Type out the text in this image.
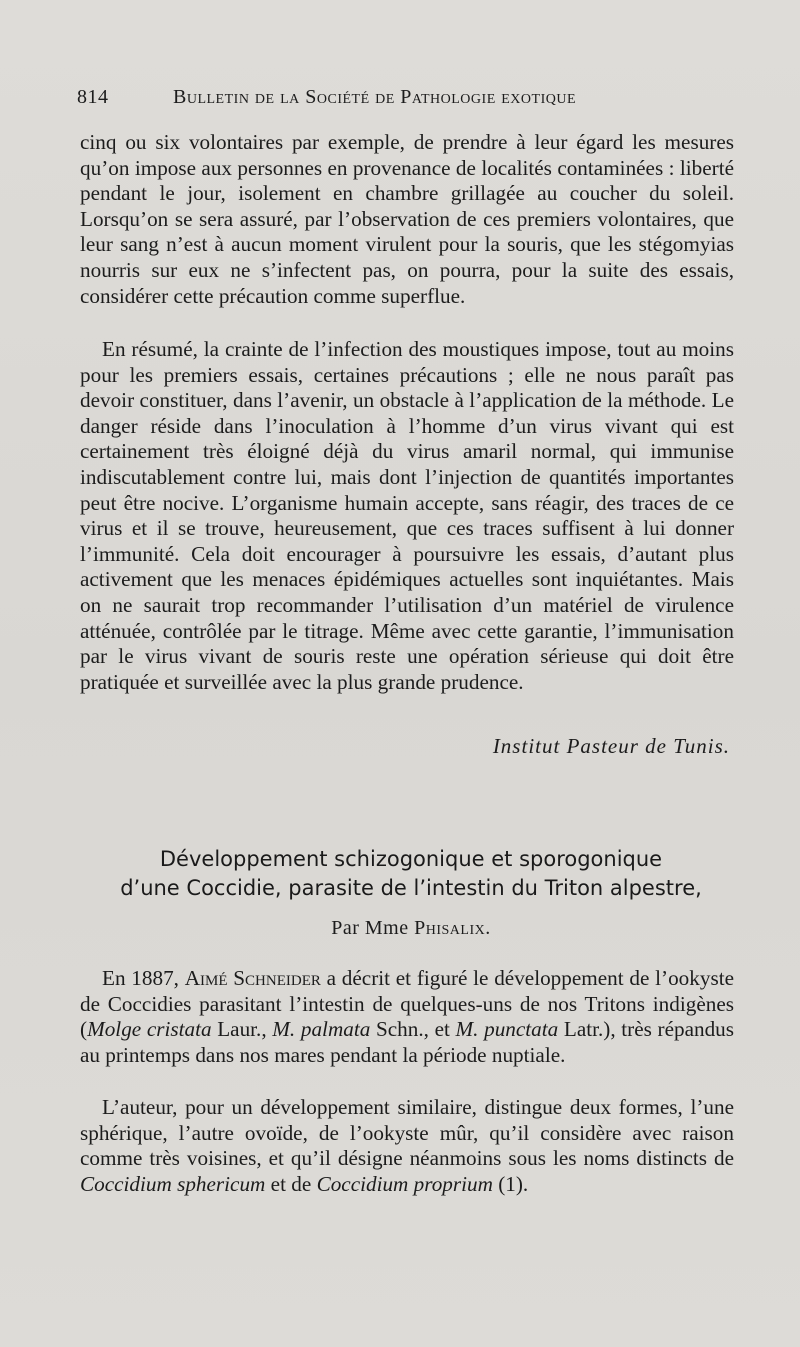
814	Bulletin de la Société de Pathologie exotique

cinq ou six volontaires par exemple, de prendre à leur égard les mesures qu’on impose aux personnes en provenance de localités contaminées : liberté pendant le jour, isolement en chambre grillagée au coucher du soleil. Lorsqu’on se sera assuré, par l’observation de ces premiers volontaires, que leur sang n’est à aucun moment virulent pour la souris, que les stégomyias nourris sur eux ne s’infectent pas, on pourra, pour la suite des essais, considérer cette précaution comme superflue.

En résumé, la crainte de l’infection des moustiques impose, tout au moins pour les premiers essais, certaines précautions ; elle ne nous paraît pas devoir constituer, dans l’avenir, un obstacle à l’application de la méthode. Le danger réside dans l’inoculation à l’homme d’un virus vivant qui est certainement très éloigné déjà du virus amaril normal, qui immunise indiscutablement contre lui, mais dont l’injection de quantités importantes peut être nocive. L’organisme humain accepte, sans réagir, des traces de ce virus et il se trouve, heureusement, que ces traces suffisent à lui donner l’immunité. Cela doit encourager à poursuivre les essais, d’autant plus activement que les menaces épidémiques actuelles sont inquiétantes. Mais on ne saurait trop recommander l’utilisation d’un matériel de virulence atténuée, contrôlée par le titrage. Même avec cette garantie, l’immunisation par le virus vivant de souris reste une opération sérieuse qui doit être pratiquée et surveillée avec la plus grande prudence.

Institut Pasteur de Tunis.
Développement schizogonique et sporogonique
d’une Coccidie, parasite de l’intestin du Triton alpestre,
Par Mme Phisalix.

En 1887, Aimé Schneider a décrit et figuré le développement de l’ookyste de Coccidies parasitant l’intestin de quelques-uns de nos Tritons indigènes (Molge cristata Laur., M. palmata Schn., et M. punctata Latr.), très répandus au printemps dans nos mares pendant la période nuptiale.

L’auteur, pour un développement similaire, distingue deux formes, l’une sphérique, l’autre ovoïde, de l’ookyste mûr, qu’il considère avec raison comme très voisines, et qu’il désigne néanmoins sous les noms distincts de Coccidium sphericum et de Coccidium proprium (1).
